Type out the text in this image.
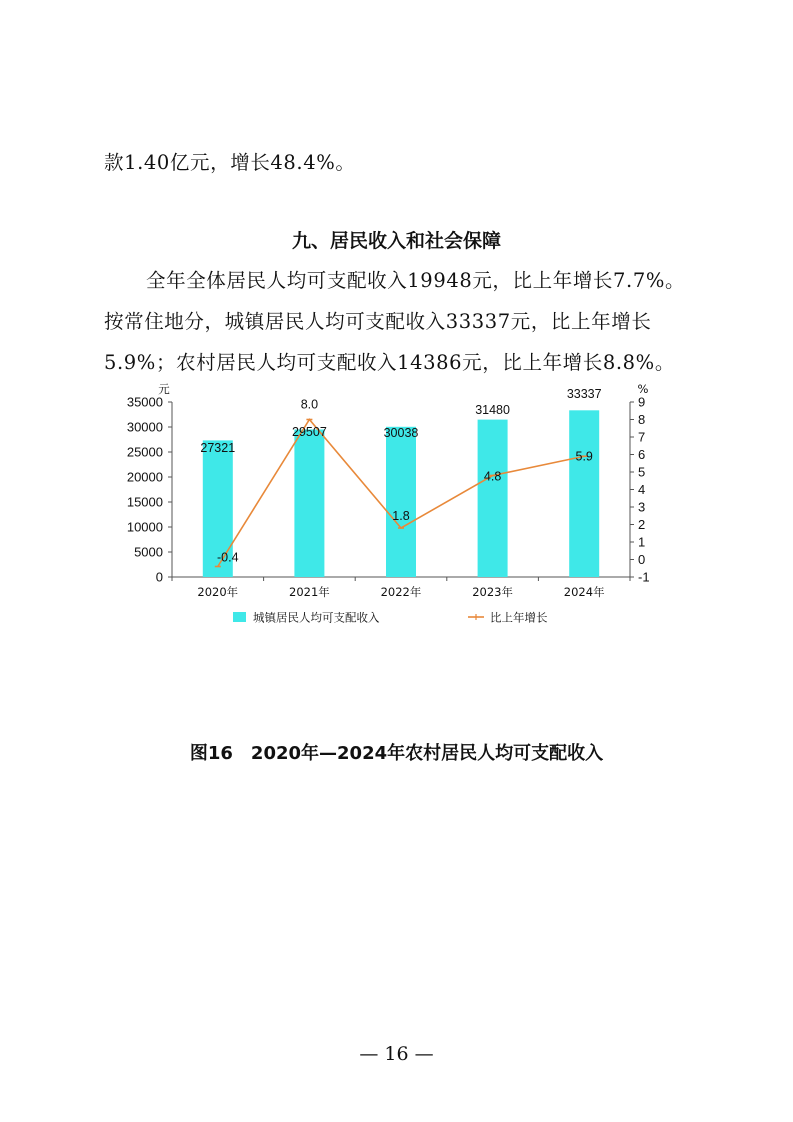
款1.40亿元，增长48.4%。
九、居民收入和社会保障
全年全体居民人均可支配收入19948元，比上年增长7.7%。
按常住地分，城镇居民人均可支配收入33337元，比上年增长
5.9%；农村居民人均可支配收入14386元，比上年增长8.8%。
0
5000
10000
15000
20000
25000
30000
35000
元
-1
0
1
2
3
4
5
6
7
8
9
%
2020年	2021年	2022年	2023年	2024年
27321
29507	30038
31480
33337
-0.4
8.0
1.8
4.8
5.9
城镇居民人均可支配收入	比上年增长
图16　2020年—2024年农村居民人均可支配收入
— 16 —
